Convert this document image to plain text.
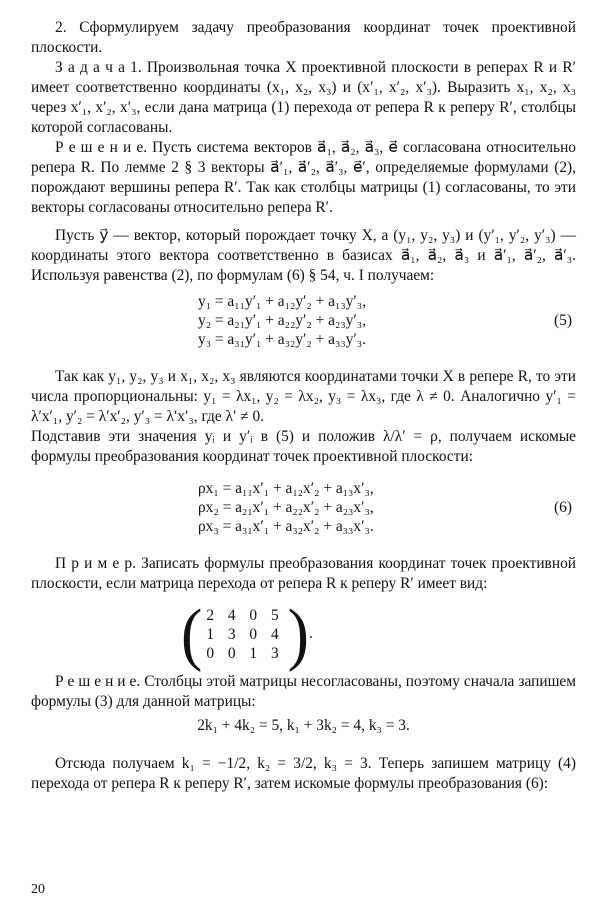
2. Сформулируем задачу преобразования координат точек проективной плоскости.

З а д а ч а 1. Произвольная точка X проективной плоскости в реперах R и R′ имеет соответственно координаты (x₁, x₂, x₃) и (x′₁, x′₂, x′₃). Выразить x₁, x₂, x₃ через x′₁, x′₂, x′₃, если дана матрица (1) перехода от репера R к реперу R′, столбцы которой согласованы.

Р е ш е н и е. Пусть система векторов a⃗₁, a⃗₂, a⃗₃, e⃗ согласована относительно репера R. По лемме 2 § 3 векторы a⃗′₁, a⃗′₂, a⃗′₃, e⃗′, определяемые формулами (2), порождают вершины репера R′. Так как столбцы матрицы (1) согласованы, то эти векторы согласованы относительно репера R′.

Пусть y⃗ — вектор, который порождает точку X, а (y₁, y₂, y₃) и (y′₁, y′₂, y′₃) — координаты этого вектора соответственно в базисах a⃗₁, a⃗₂, a⃗₃ и a⃗′₁, a⃗′₂, a⃗′₃. Используя равенства (2), по формулам (6) § 54, ч. I получаем:

y₁ = a₁₁y′₁ + a₁₂y′₂ + a₁₃y′₃,
y₂ = a₂₁y′₁ + a₂₂y′₂ + a₂₃y′₃,
y₃ = a₃₁y′₁ + a₃₂y′₂ + a₃₃y′₃.
(5)

Так как y₁, y₂, y₃ и x₁, x₂, x₃ являются координатами точки X в репере R, то эти числа пропорциональны: y₁ = λx₁, y₂ = λx₂, y₃ = λx₃, где λ ≠ 0. Аналогично y′₁ = λ′x′₁, y′₂ = λ′x′₂, y′₃ = λ′x′₃, где λ′ ≠ 0.

Подставив эти значения yᵢ и y′ᵢ в (5) и положив λ/λ′ = ρ, получаем искомые формулы преобразования координат точек проективной плоскости:

ρx₁ = a₁₁x′₁ + a₁₂x′₂ + a₁₃x′₃,
ρx₂ = a₂₁x′₁ + a₂₂x′₂ + a₂₃x′₃,
ρx₃ = a₃₁x′₁ + a₃₂x′₂ + a₃₃x′₃.
(6)

П р и м е р. Записать формулы преобразования координат точек проективной плоскости, если матрица перехода от репера R к реперу R′ имеет вид:

( 2 4 0 5
1 3 0 4
0 0 1 3 ) .

Р е ш е н и е. Столбцы этой матрицы несогласованы, поэтому сначала запишем формулы (3) для данной матрицы:

2k₁ + 4k₂ = 5, k₁ + 3k₂ = 4, k₃ = 3.

Отсюда получаем k₁ = −1/2, k₂ = 3/2, k₃ = 3. Теперь запишем матрицу (4) перехода от репера R к реперу R′, затем искомые формулы преобразования (6):

20
